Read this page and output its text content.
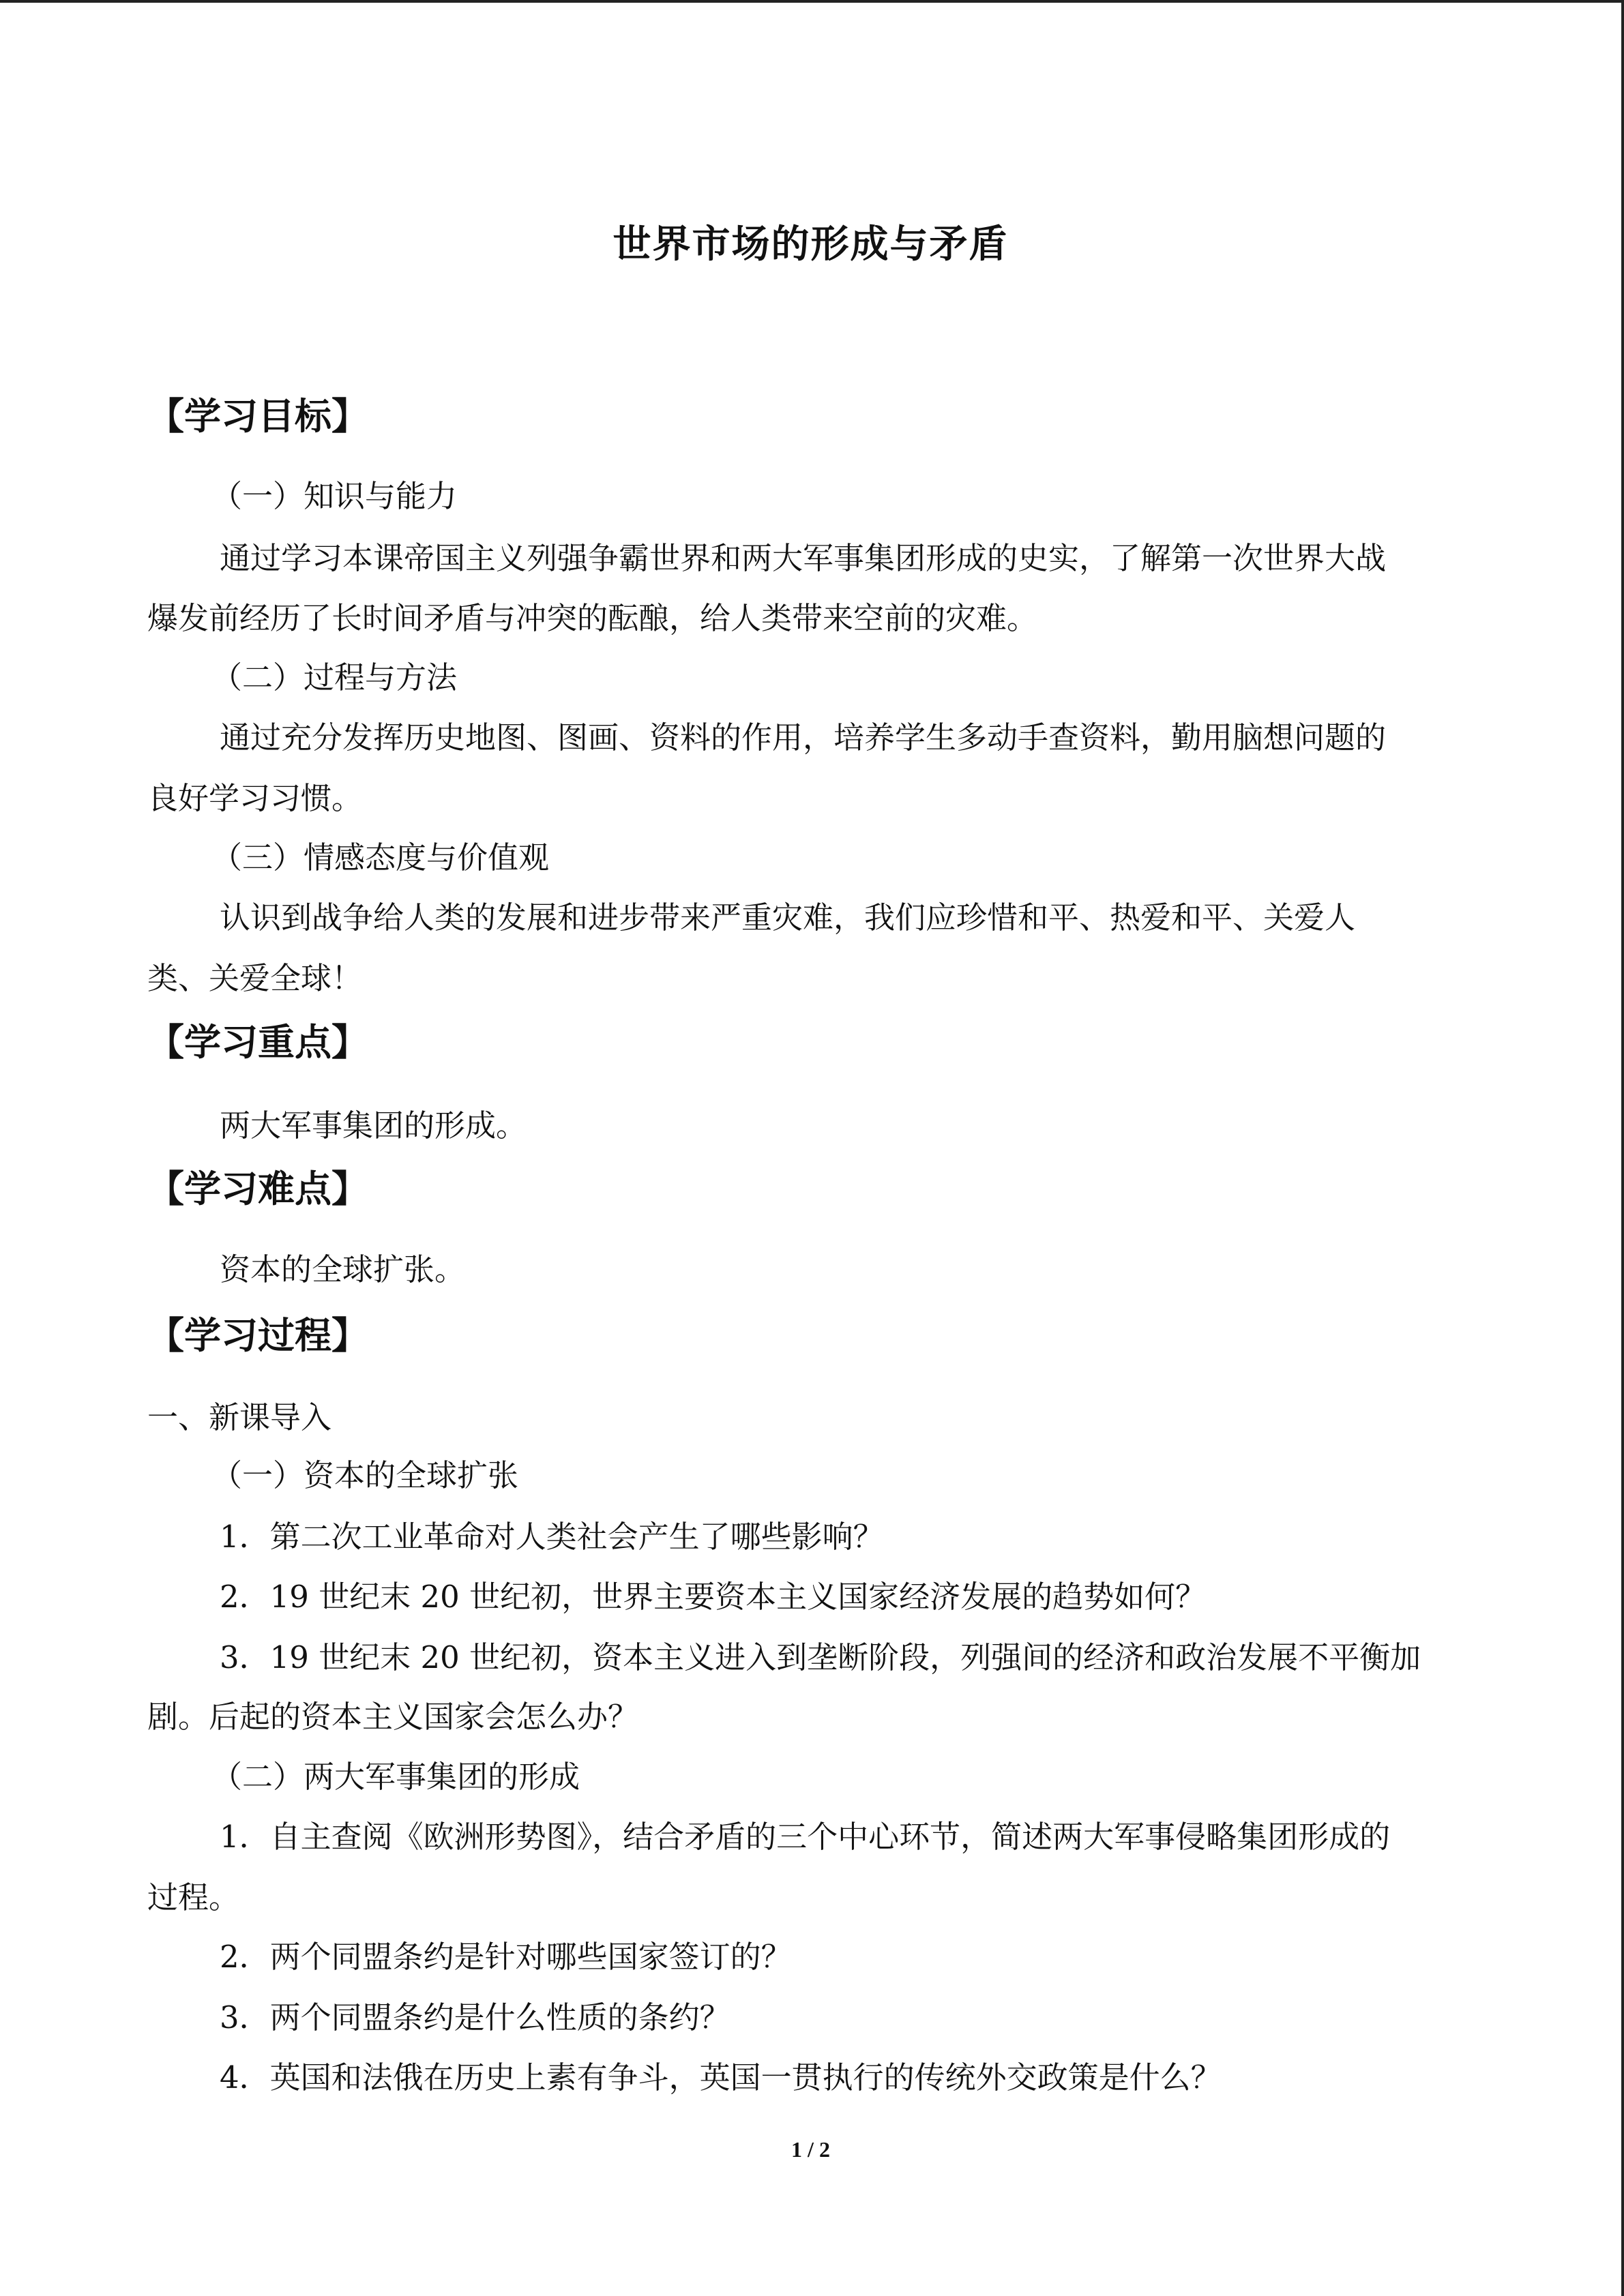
世界市场的形成与矛盾
【学习目标】
（一）知识与能力
通过学习本课帝国主义列强争霸世界和两大军事集团形成的史实，了解第一次世界大战
爆发前经历了长时间矛盾与冲突的酝酿，给人类带来空前的灾难。
（二）过程与方法
通过充分发挥历史地图、图画、资料的作用，培养学生多动手查资料，勤用脑想问题的
良好学习习惯。
（三）情感态度与价值观
认识到战争给人类的发展和进步带来严重灾难，我们应珍惜和平、热爱和平、关爱人
类、关爱全球！
【学习重点】
两大军事集团的形成。
【学习难点】
资本的全球扩张。
【学习过程】
一、新课导入
（一）资本的全球扩张
1．第二次工业革命对人类社会产生了哪些影响？
2．19 世纪末 20 世纪初，世界主要资本主义国家经济发展的趋势如何？
3．19 世纪末 20 世纪初，资本主义进入到垄断阶段，列强间的经济和政治发展不平衡加
剧。后起的资本主义国家会怎么办？
（二）两大军事集团的形成
1．自主查阅《欧洲形势图》，结合矛盾的三个中心环节，简述两大军事侵略集团形成的
过程。
2．两个同盟条约是针对哪些国家签订的？
3．两个同盟条约是什么性质的条约？
4．英国和法俄在历史上素有争斗，英国一贯执行的传统外交政策是什么？
1 / 2
